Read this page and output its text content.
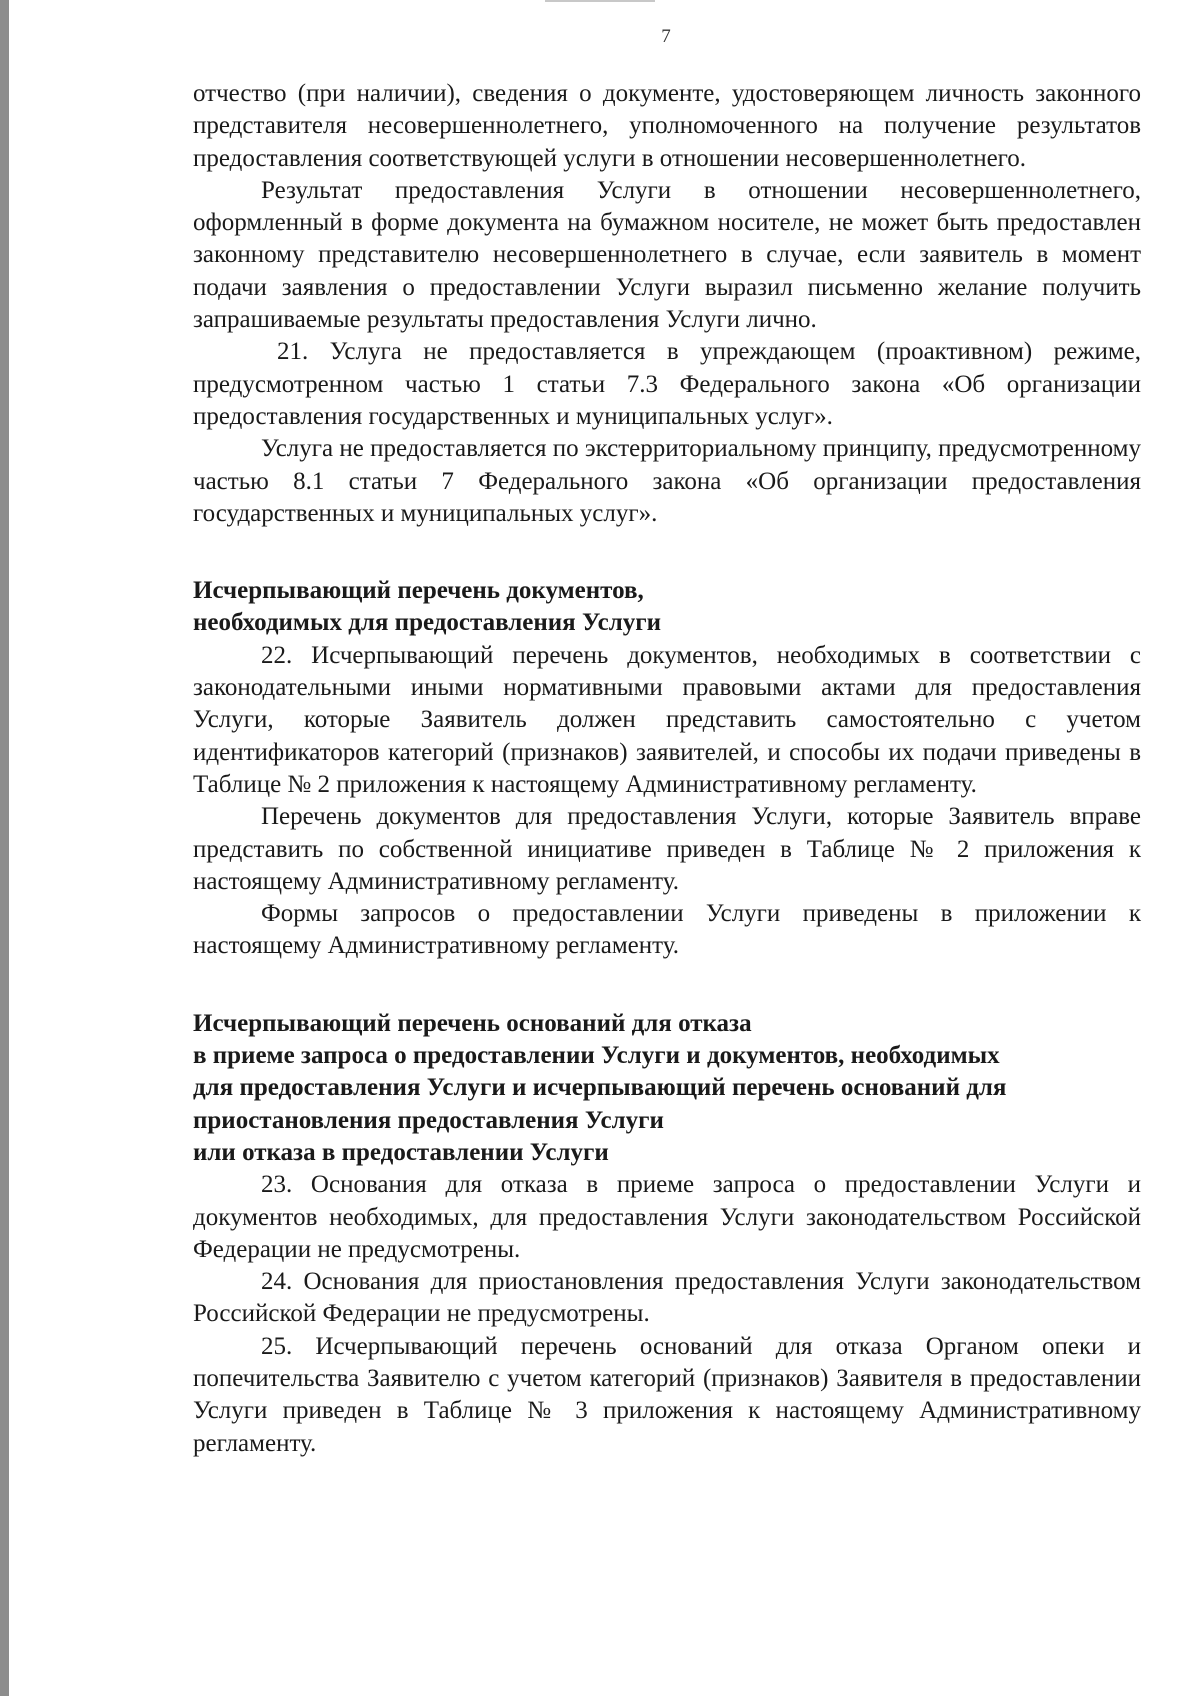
7

отчество (при наличии), сведения о документе, удостоверяющем личность законного представителя несовершеннолетнего, уполномоченного на получение результатов предоставления соответствующей услуги в отношении несовершеннолетнего.

Результат предоставления Услуги в отношении несовершеннолетнего, оформленный в форме документа на бумажном носителе, не может быть предоставлен законному представителю несовершеннолетнего в случае, если заявитель в момент подачи заявления о предоставлении Услуги выразил письменно желание получить запрашиваемые результаты предоставления Услуги лично.

21. Услуга не предоставляется в упреждающем (проактивном) режиме, предусмотренном частью 1 статьи 7.3 Федерального закона «Об организации предоставления государственных и муниципальных услуг».

Услуга не предоставляется по экстерриториальному принципу, предусмотренному частью 8.1 статьи 7 Федерального закона «Об организации предоставления государственных и муниципальных услуг».

Исчерпывающий перечень документов,

необходимых для предоставления Услуги

22. Исчерпывающий перечень документов, необходимых в соответствии с законодательными иными нормативными правовыми актами для предоставления Услуги, которые Заявитель должен представить самостоятельно с учетом идентификаторов категорий (признаков) заявителей, и способы их подачи приведены в Таблице № 2 приложения к настоящему Административному регламенту.

Перечень документов для предоставления Услуги, которые Заявитель вправе представить по собственной инициативе приведен в Таблице № 2 приложения к настоящему Административному регламенту.

Формы запросов о предоставлении Услуги приведены в приложении к настоящему Административному регламенту.

Исчерпывающий перечень оснований для отказа

в приеме запроса о предоставлении Услуги и документов, необходимых

для предоставления Услуги и исчерпывающий перечень оснований для

приостановления предоставления Услуги

или отказа в предоставлении Услуги

23. Основания для отказа в приеме запроса о предоставлении Услуги и документов необходимых, для предоставления Услуги законодательством Российской Федерации не предусмотрены.

24. Основания для приостановления предоставления Услуги законодательством Российской Федерации не предусмотрены.

25. Исчерпывающий перечень оснований для отказа Органом опеки и попечительства Заявителю с учетом категорий (признаков) Заявителя в предоставлении Услуги приведен в Таблице № 3 приложения к настоящему Административному регламенту.
